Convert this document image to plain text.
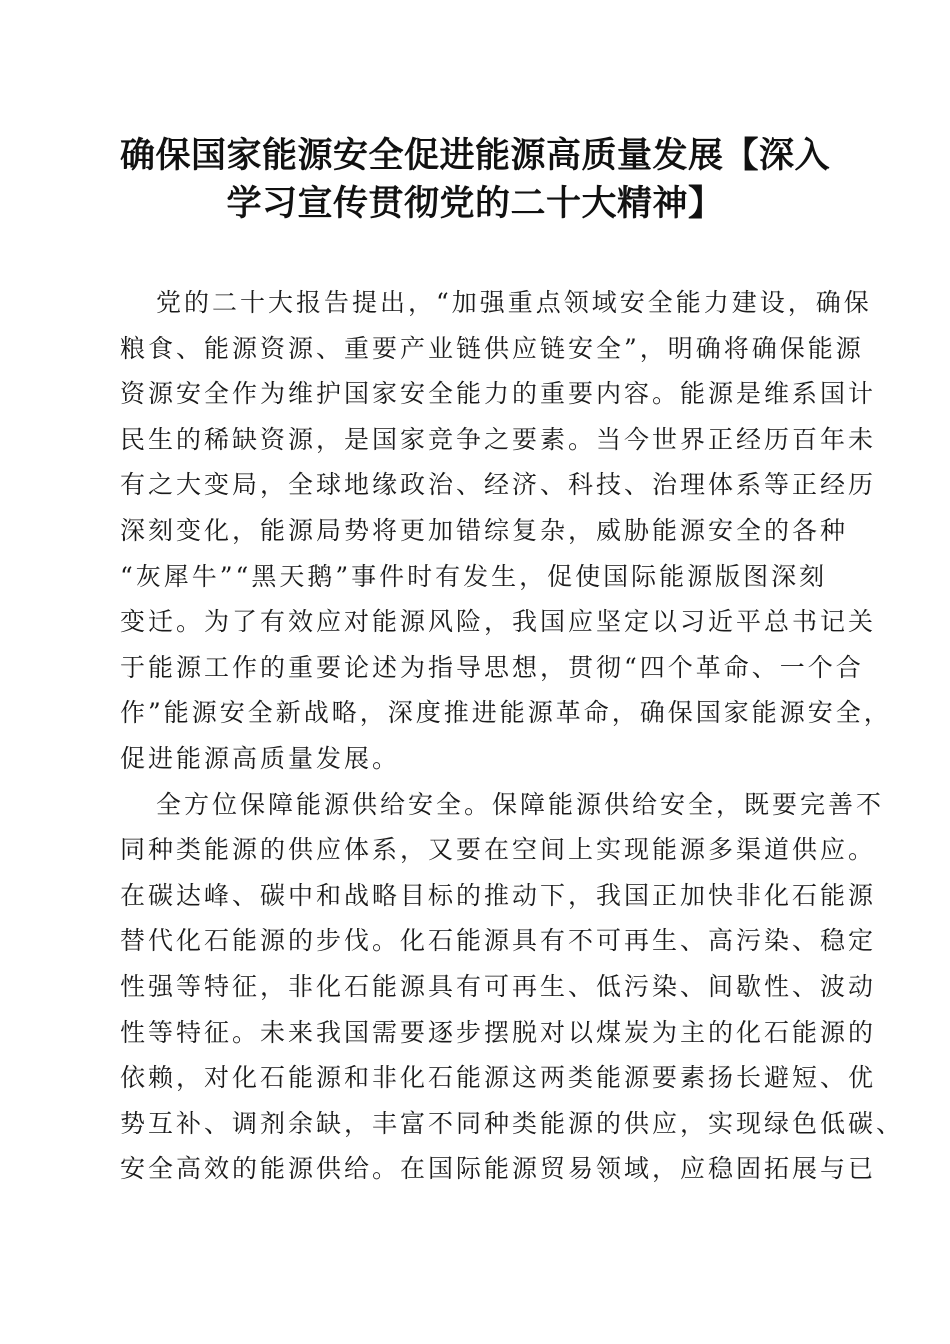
确保国家能源安全促进能源高质量发展【深入
学习宣传贯彻党的二十大精神】
党的二十大报告提出，“加强重点领域安全能力建设，确保
粮食、能源资源、重要产业链供应链安全”，明确将确保能源
资源安全作为维护国家安全能力的重要内容。能源是维系国计
民生的稀缺资源，是国家竞争之要素。当今世界正经历百年未
有之大变局，全球地缘政治、经济、科技、治理体系等正经历
深刻变化，能源局势将更加错综复杂，威胁能源安全的各种
“灰犀牛”“黑天鹅”事件时有发生，促使国际能源版图深刻
变迁。为了有效应对能源风险，我国应坚定以习近平总书记关
于能源工作的重要论述为指导思想，贯彻“四个革命、一个合
作”能源安全新战略，深度推进能源革命，确保国家能源安全，
促进能源高质量发展。
全方位保障能源供给安全。保障能源供给安全，既要完善不
同种类能源的供应体系，又要在空间上实现能源多渠道供应。
在碳达峰、碳中和战略目标的推动下，我国正加快非化石能源
替代化石能源的步伐。化石能源具有不可再生、高污染、稳定
性强等特征，非化石能源具有可再生、低污染、间歇性、波动
性等特征。未来我国需要逐步摆脱对以煤炭为主的化石能源的
依赖，对化石能源和非化石能源这两类能源要素扬长避短、优
势互补、调剂余缺，丰富不同种类能源的供应，实现绿色低碳、
安全高效的能源供给。在国际能源贸易领域，应稳固拓展与已
